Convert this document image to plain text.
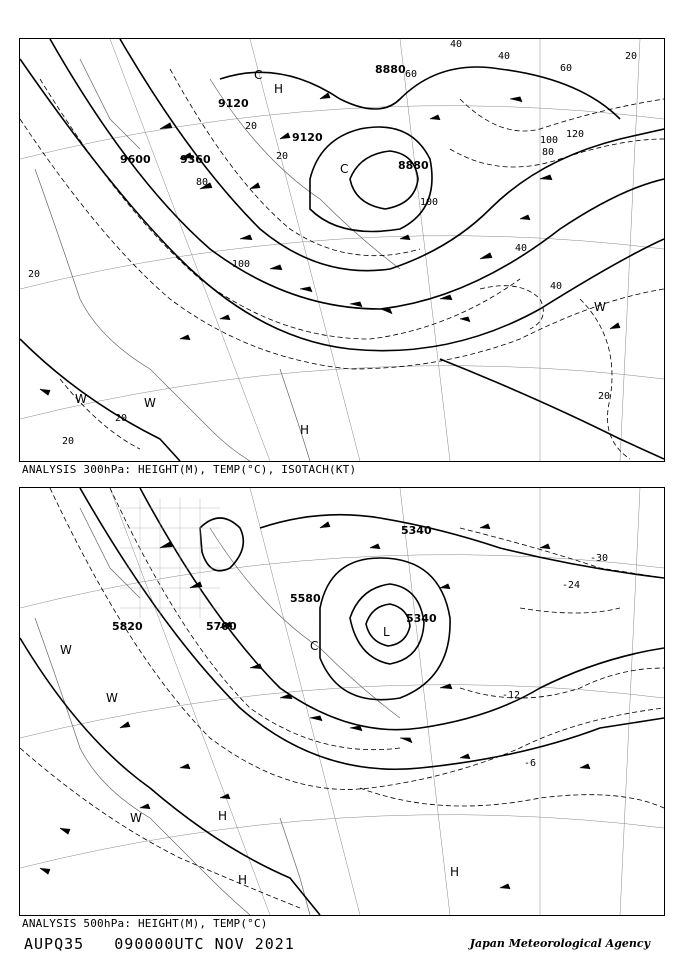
9600	9360
9120
9120
8880
8880
20
20
20
40
40
40
40
60
60
80
80
100
100
100
120
20
20
20
20
H
C
C
H
W	W
W
ANALYSIS 300hPa: HEIGHT(M), TEMP(°C), ISOTACH(KT)
5820	5700
5580
5340
5340
-30
-24
-12
-6
W
W
W	H
H
H
C
L
ANALYSIS 500hPa: HEIGHT(M), TEMP(°C)
AUPQ35 090000UTC NOV 2021	Japan Meteorological Agency
